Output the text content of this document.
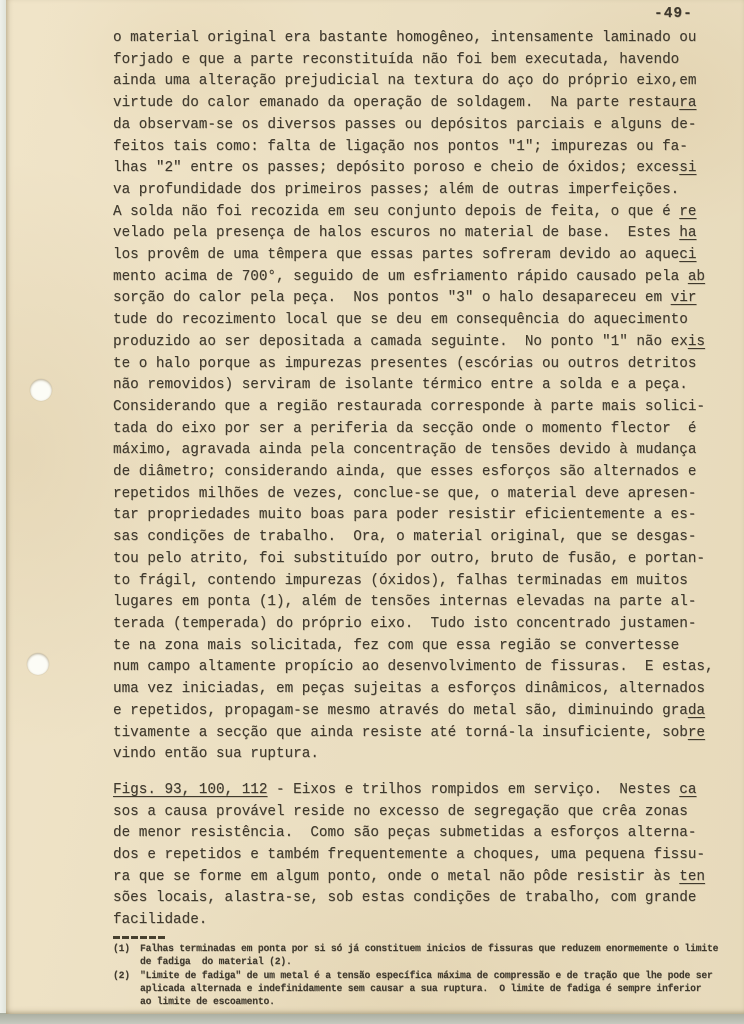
-49-
o material original era bastante homogêneo, intensamente laminado ou
forjado e que a parte reconstituída não foi bem executada, havendo
ainda uma alteração prejudicial na textura do aço do próprio eixo,em
virtude do calor emanado da operação de soldagem.  Na parte restaura
da observam-se os diversos passes ou depósitos parciais e alguns de-
feitos tais como: falta de ligação nos pontos "1"; impurezas ou fa-
lhas "2" entre os passes; depósito poroso e cheio de óxidos; excessi
va profundidade dos primeiros passes; além de outras imperfeições.
A solda não foi recozida em seu conjunto depois de feita, o que é re
velado pela presença de halos escuros no material de base.  Estes ha
los provêm de uma têmpera que essas partes sofreram devido ao aqueci
mento acima de 700°, seguido de um esfriamento rápido causado pela ab
sorção do calor pela peça.  Nos pontos "3" o halo desapareceu em vir
tude do recozimento local que se deu em consequência do aquecimento
produzido ao ser depositada a camada seguinte.  No ponto "1" não exis
te o halo porque as impurezas presentes (escórias ou outros detritos
não removidos) serviram de isolante térmico entre a solda e a peça.
Considerando que a região restaurada corresponde à parte mais solici-
tada do eixo por ser a periferia da secção onde o momento flector  é
máximo, agravada ainda pela concentração de tensões devido à mudança
de diâmetro; considerando ainda, que esses esforços são alternados e
repetidos milhões de vezes, conclue-se que, o material deve apresen-
tar propriedades muito boas para poder resistir eficientemente a es-
sas condições de trabalho.  Ora, o material original, que se desgas-
tou pelo atrito, foi substituído por outro, bruto de fusão, e portan-
to frágil, contendo impurezas (óxidos), falhas terminadas em muitos
lugares em ponta (1), além de tensões internas elevadas na parte al-
terada (temperada) do próprio eixo.  Tudo isto concentrado justamen-
te na zona mais solicitada, fez com que essa região se convertesse
num campo altamente propício ao desenvolvimento de fissuras.  E estas,
uma vez iniciadas, em peças sujeitas a esforços dinâmicos, alternados
e repetidos, propagam-se mesmo através do metal são, diminuindo grada
tivamente a secção que ainda resiste até torná-la insuficiente, sobre
vindo então sua ruptura.
Figs. 93, 100, 112 - Eixos e trilhos rompidos em serviço.  Nestes ca
sos a causa provável reside no excesso de segregação que crêa zonas
de menor resistência.  Como são peças submetidas a esforços alterna-
dos e repetidos e também frequentemente a choques, uma pequena fissu-
ra que se forme em algum ponto, onde o metal não pôde resistir às ten
sões locais, alastra-se, sob estas condições de trabalho, com grande
facilidade.
(1)	Falhas terminadas em ponta por si só já constituem inicios de fissuras que reduzem enormemente o limite
de fadiga  do material (2).
(2)	"Limite de fadiga" de um metal é a tensão específica máxima de compressão e de tração que lhe pode ser
aplicada alternada e indefinidamente sem causar a sua ruptura.  O limite de fadiga é sempre inferior
ao limite de escoamento.
